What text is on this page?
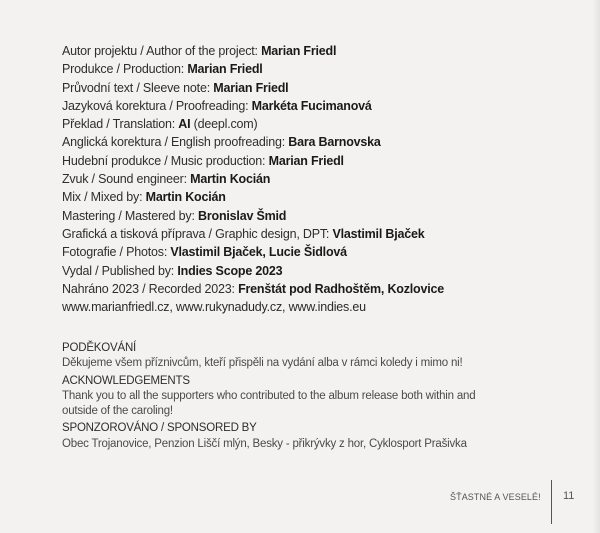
Autor projektu / Author of the project: Marian Friedl
Produkce / Production: Marian Friedl
Průvodní text / Sleeve note: Marian Friedl
Jazyková korektura / Proofreading: Markéta Fucimanová
Překlad / Translation: AI (deepl.com)
Anglická korektura / English proofreading: Bara Barnovska
Hudební produkce / Music production: Marian Friedl
Zvuk / Sound engineer: Martin Kocián
Mix / Mixed by: Martin Kocián
Mastering / Mastered by: Bronislav Šmid
Grafická a tisková příprava / Graphic design, DPT: Vlastimil Bjaček
Fotografie / Photos: Vlastimil Bjaček, Lucie Šidlová
Vydal / Published by: Indies Scope 2023
Nahráno 2023 / Recorded 2023: Frenštát pod Radhoštěm, Kozlovice
www.marianfriedl.cz, www.rukynadudy.cz, www.indies.eu
PODĚKOVÁNÍ
Děkujeme všem příznivcům, kteří přispěli na vydání alba v rámci koledy i mimo ni!
ACKNOWLEDGEMENTS
Thank you to all the supporters who contributed to the album release both within and outside of the caroling!
SPONZOROVÁNO / SPONSORED BY
Obec Trojanovice, Penzion Liščí mlýn, Besky - přikrývky z hor, Cyklosport Prašivka
ŠŤASTNÉ A VESELÉ! 11
